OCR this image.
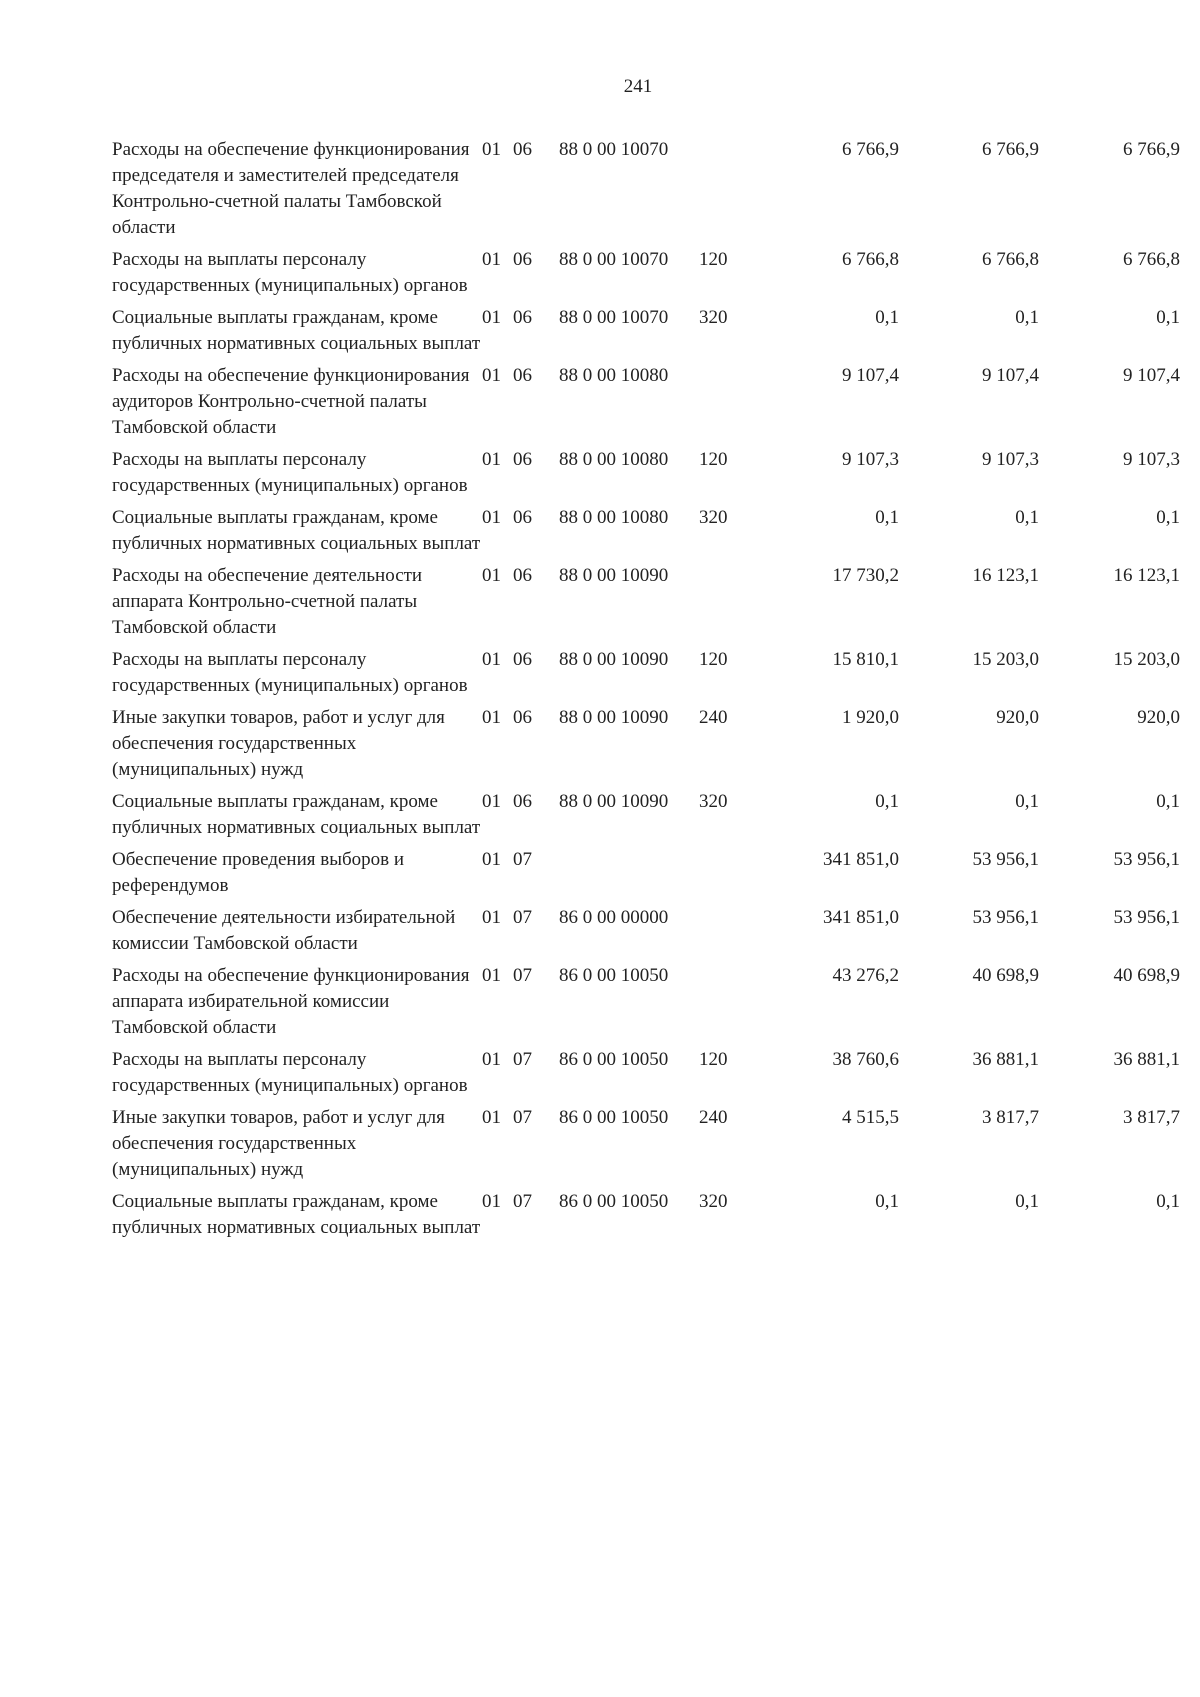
241
Расходы на обеспечение функционирования председателя и заместителей председателя Контрольно-счетной палаты Тамбовской области	01	06	88 0 00 10070		6 766,9	6 766,9	6 766,9
Расходы на выплаты персоналу государственных (муниципальных) органов	01	06	88 0 00 10070	120	6 766,8	6 766,8	6 766,8
Социальные выплаты гражданам, кроме публичных нормативных социальных выплат	01	06	88 0 00 10070	320	0,1	0,1	0,1
Расходы на обеспечение функционирования аудиторов Контрольно-счетной палаты Тамбовской области	01	06	88 0 00 10080		9 107,4	9 107,4	9 107,4
Расходы на выплаты персоналу государственных (муниципальных) органов	01	06	88 0 00 10080	120	9 107,3	9 107,3	9 107,3
Социальные выплаты гражданам, кроме публичных нормативных социальных выплат	01	06	88 0 00 10080	320	0,1	0,1	0,1
Расходы на обеспечение деятельности аппарата Контрольно-счетной палаты Тамбовской области	01	06	88 0 00 10090		17 730,2	16 123,1	16 123,1
Расходы на выплаты персоналу государственных (муниципальных) органов	01	06	88 0 00 10090	120	15 810,1	15 203,0	15 203,0
Иные закупки товаров, работ и услуг для обеспечения государственных (муниципальных) нужд	01	06	88 0 00 10090	240	1 920,0	920,0	920,0
Социальные выплаты гражданам, кроме публичных нормативных социальных выплат	01	06	88 0 00 10090	320	0,1	0,1	0,1
Обеспечение проведения выборов и референдумов	01	07			341 851,0	53 956,1	53 956,1
Обеспечение деятельности избирательной комиссии Тамбовской области	01	07	86 0 00 00000		341 851,0	53 956,1	53 956,1
Расходы на обеспечение функционирования аппарата избирательной комиссии Тамбовской области	01	07	86 0 00 10050		43 276,2	40 698,9	40 698,9
Расходы на выплаты персоналу государственных (муниципальных) органов	01	07	86 0 00 10050	120	38 760,6	36 881,1	36 881,1
Иные закупки товаров, работ и услуг для обеспечения государственных (муниципальных) нужд	01	07	86 0 00 10050	240	4 515,5	3 817,7	3 817,7
Социальные выплаты гражданам, кроме публичных нормативных социальных выплат	01	07	86 0 00 10050	320	0,1	0,1	0,1
